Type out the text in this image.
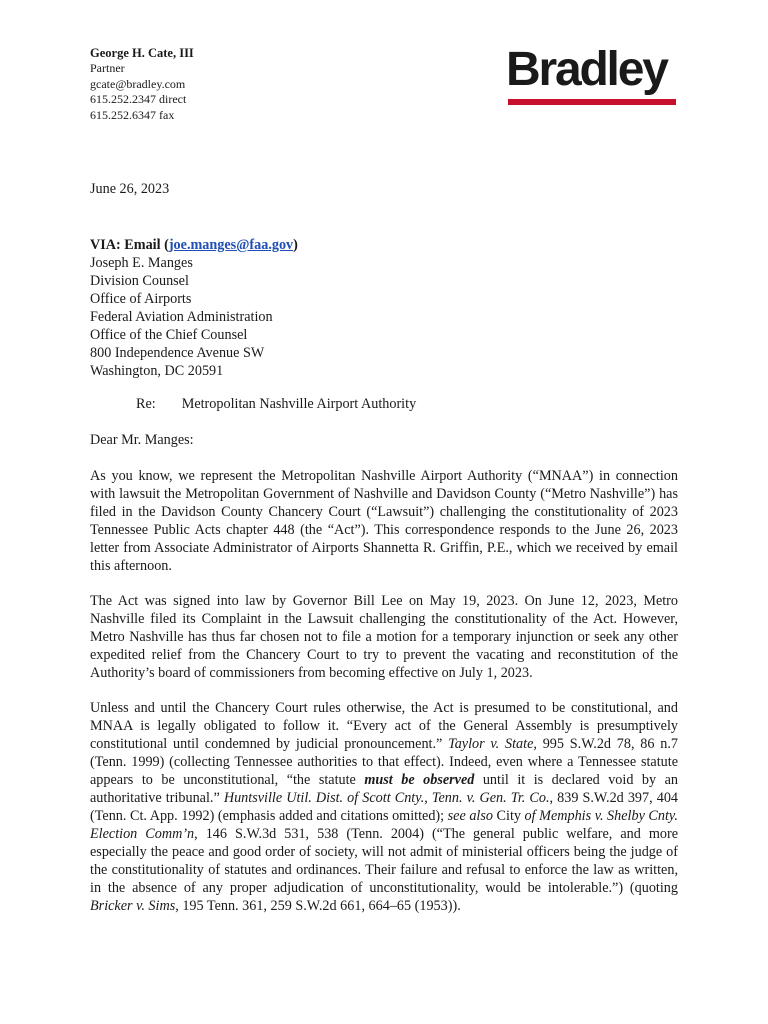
George H. Cate, III
Partner
gcate@bradley.com
615.252.2347 direct
615.252.6347 fax
Bradley
June 26, 2023
VIA: Email (joe.manges@faa.gov)
Joseph E. Manges
Division Counsel
Office of Airports
Federal Aviation Administration
Office of the Chief Counsel
800 Independence Avenue SW
Washington, DC 20591
Re: Metropolitan Nashville Airport Authority
Dear Mr. Manges:

As you know, we represent the Metropolitan Nashville Airport Authority (“MNAA”) in connection with lawsuit the Metropolitan Government of Nashville and Davidson County (“Metro Nashville”) has filed in the Davidson County Chancery Court (“Lawsuit”) challenging the constitutionality of 2023 Tennessee Public Acts chapter 448 (the “Act”). This correspondence responds to the June 26, 2023 letter from Associate Administrator of Airports Shannetta R. Griffin, P.E., which we received by email this afternoon.

The Act was signed into law by Governor Bill Lee on May 19, 2023. On June 12, 2023, Metro Nashville filed its Complaint in the Lawsuit challenging the constitutionality of the Act. However, Metro Nashville has thus far chosen not to file a motion for a temporary injunction or seek any other expedited relief from the Chancery Court to try to prevent the vacating and reconstitution of the Authority’s board of commissioners from becoming effective on July 1, 2023.

Unless and until the Chancery Court rules otherwise, the Act is presumed to be constitutional, and MNAA is legally obligated to follow it. “Every act of the General Assembly is presumptively constitutional until condemned by judicial pronouncement.” Taylor v. State, 995 S.W.2d 78, 86 n.7 (Tenn. 1999) (collecting Tennessee authorities to that effect). Indeed, even where a Tennessee statute appears to be unconstitutional, “the statute must be observed until it is declared void by an authoritative tribunal.” Huntsville Util. Dist. of Scott Cnty., Tenn. v. Gen. Tr. Co., 839 S.W.2d 397, 404 (Tenn. Ct. App. 1992) (emphasis added and citations omitted); see also City of Memphis v. Shelby Cnty. Election Comm’n, 146 S.W.3d 531, 538 (Tenn. 2004) (“The general public welfare, and more especially the peace and good order of society, will not admit of ministerial officers being the judge of the constitutionality of statutes and ordinances. Their failure and refusal to enforce the law as written, in the absence of any proper adjudication of unconstitutionality, would be intolerable.”) (quoting Bricker v. Sims, 195 Tenn. 361, 259 S.W.2d 661, 664–65 (1953)).
